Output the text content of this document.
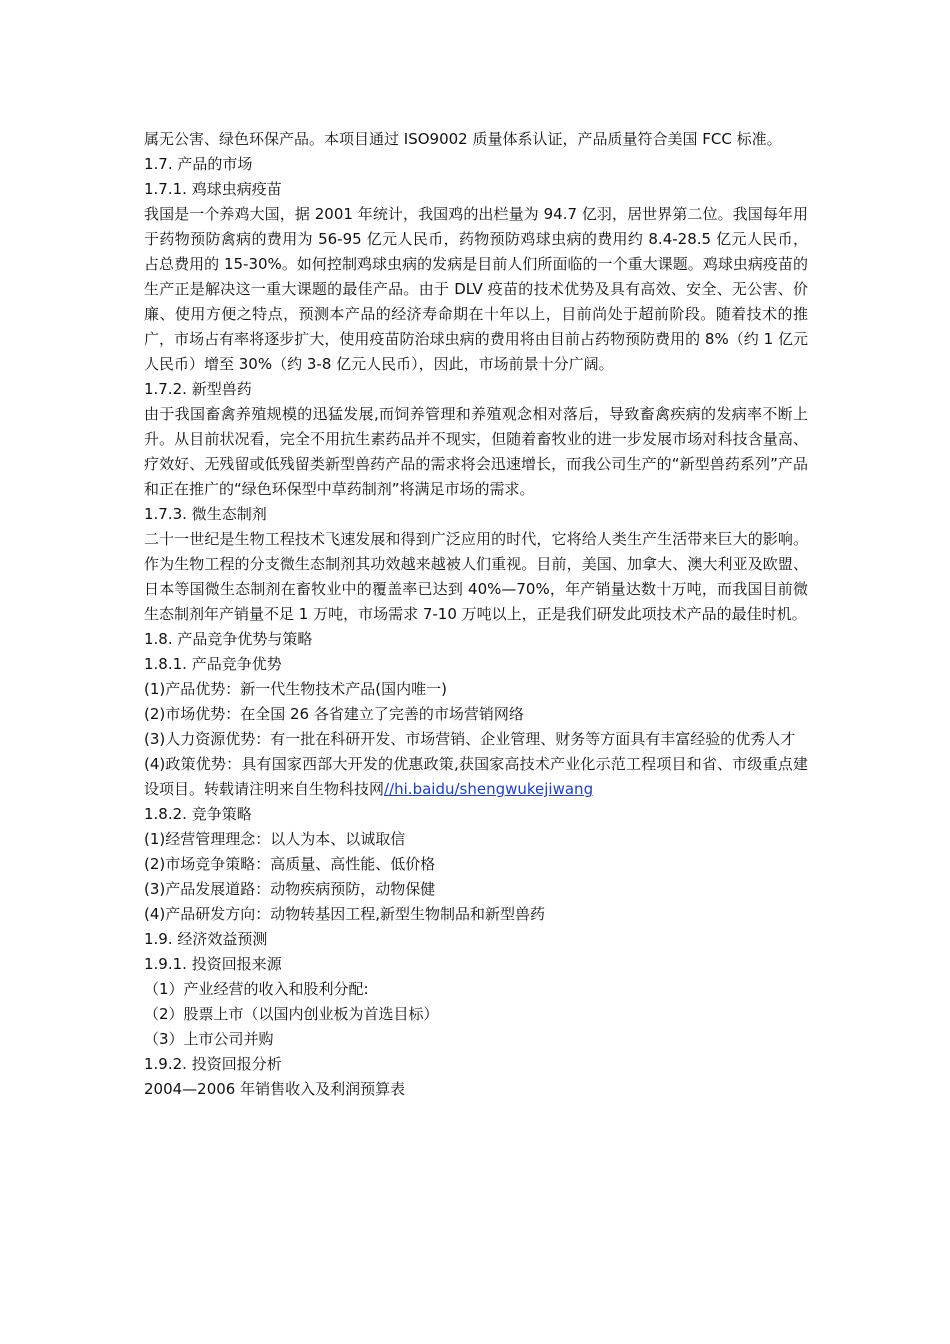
属无公害、绿色环保产品。本项目通过 ISO9002 质量体系认证，产品质量符合美国 FCC 标准。

1.7. 产品的市场

1.7.1. 鸡球虫病疫苗

我国是一个养鸡大国，据 2001 年统计，我国鸡的出栏量为 94.7 亿羽，居世界第二位。我国每年用于药物预防禽病的费用为 56-95 亿元人民币，药物预防鸡球虫病的费用约 8.4-28.5 亿元人民币，占总费用的 15-30%。如何控制鸡球虫病的发病是目前人们所面临的一个重大课题。鸡球虫病疫苗的生产正是解决这一重大课题的最佳产品。由于 DLV 疫苗的技术优势及具有高效、安全、无公害、价廉、使用方便之特点，预测本产品的经济寿命期在十年以上，目前尚处于超前阶段。随着技术的推广，市场占有率将逐步扩大，使用疫苗防治球虫病的费用将由目前占药物预防费用的 8%（约 1 亿元人民币）增至 30%（约 3-8 亿元人民币），因此，市场前景十分广阔。

1.7.2. 新型兽药

由于我国畜禽养殖规模的迅猛发展,而饲养管理和养殖观念相对落后，导致畜禽疾病的发病率不断上升。从目前状况看，完全不用抗生素药品并不现实，但随着畜牧业的进一步发展市场对科技含量高、疗效好、无残留或低残留类新型兽药产品的需求将会迅速增长，而我公司生产的“新型兽药系列”产品和正在推广的“绿色环保型中草药制剂”将满足市场的需求。

1.7.3. 微生态制剂

二十一世纪是生物工程技术飞速发展和得到广泛应用的时代，它将给人类生产生活带来巨大的影响。作为生物工程的分支微生态制剂其功效越来越被人们重视。目前，美国、加拿大、澳大利亚及欧盟、日本等国微生态制剂在畜牧业中的覆盖率已达到 40%—70%，年产销量达数十万吨，而我国目前微生态制剂年产销量不足 1 万吨，市场需求 7-10 万吨以上，正是我们研发此项技术产品的最佳时机。

1.8. 产品竞争优势与策略

1.8.1. 产品竞争优势

(1)产品优势：新一代生物技术产品(国内唯一)

(2)市场优势：在全国 26 各省建立了完善的市场营销网络

(3)人力资源优势：有一批在科研开发、市场营销、企业管理、财务等方面具有丰富经验的优秀人才

(4)政策优势：具有国家西部大开发的优惠政策,获国家高技术产业化示范工程项目和省、市级重点建设项目。转载请注明来自生物科技网//hi.baidu/shengwukejiwang

1.8.2. 竞争策略

(1)经营管理理念：以人为本、以诚取信

(2)市场竞争策略：高质量、高性能、低价格

(3)产品发展道路：动物疾病预防，动物保健

(4)产品研发方向：动物转基因工程,新型生物制品和新型兽药

1.9. 经济效益预测

1.9.1. 投资回报来源

（1）产业经营的收入和股利分配:

（2）股票上市（以国内创业板为首选目标）

（3）上市公司并购

1.9.2. 投资回报分析

2004—2006 年销售收入及利润预算表
